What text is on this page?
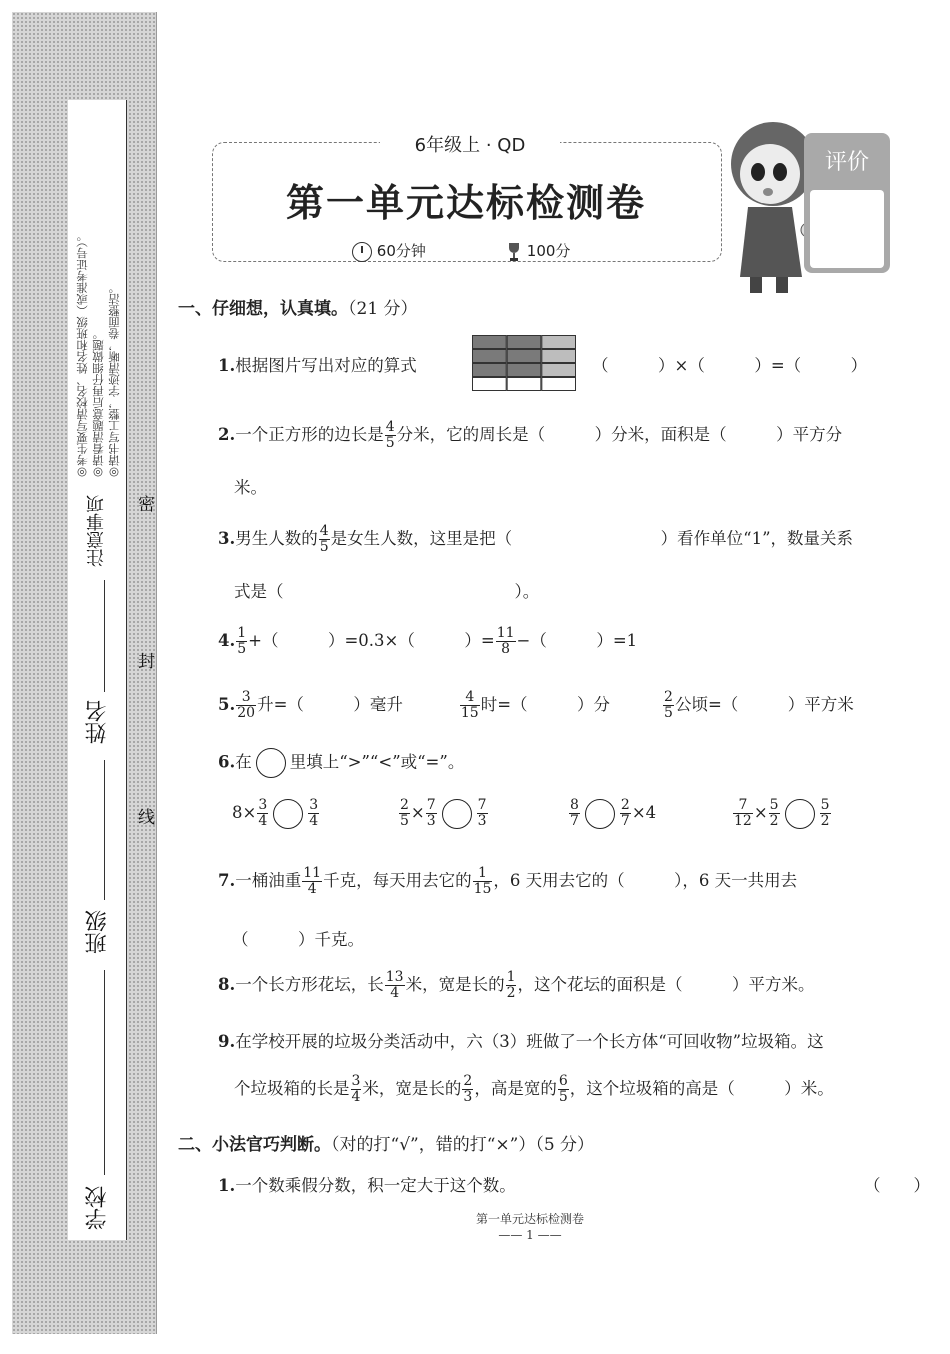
◎考生要写清校名、姓名和班级（或准考证号）。 ◎请看清题意后再仔细做题。 ◎请书写工整，字迹清晰，卷面整洁。
注意事项
姓名
班级
学校
密
封
线
6年级上 · QD
第一单元达标检测卷
60分钟	100分
评价
一、仔细想，认真填。（21 分）
1.根据图片写出对应的算式	（　　　）×（　　　）=（　　　）
2.一个正方形的边长是 $\frac{4}{5}$ 分米，它的周长是（　　　）分米，面积是（　　　）平方分
米。
3.男生人数的 $\frac{4}{5}$ 是女生人数，这里是把（　　　　　　　　　）看作单位“1”，数量关系
式是（　　　　　　　　　　　　　　）。
4. $\frac{1}{5}$ +（　　　）=0.3×（　　　）= $\frac{11}{8}$ −（　　　）=1
5. $\frac{3}{20}$ 升=（　　　）毫升	$\frac{4}{15}$ 时=（　　　）分	$\frac{2}{5}$ 公顷=（　　　）平方米
6.在 里填上“>”“<”或“=”。
$8\times \frac{3}{4}$	$\frac{3}{4}$	$\frac{2}{5} \times \frac{7}{3}$	$\frac{7}{3}$	$\frac{8}{7}$	$\frac{2}{7} \times 4$	$\frac{7}{12} \times \frac{5}{2}$	$\frac{5}{2}$
7.一桶油重 $\frac{11}{4}$ 千克，每天用去它的 $\frac{1}{15}$ ，6 天用去它的（　　　），6 天一共用去
（　　　）千克。
8.一个长方形花坛，长 $\frac{13}{4}$ 米，宽是长的 $\frac{1}{2}$ ，这个花坛的面积是（　　　）平方米。
9.在学校开展的垃圾分类活动中，六（3）班做了一个长方体“可回收物”垃圾箱。这
个垃圾箱的长是 $\frac{3}{4}$ 米，宽是长的 $\frac{2}{3}$ ，高是宽的 $\frac{6}{5}$ ，这个垃圾箱的高是（　　　）米。
二、小法官巧判断。（对的打“√”，错的打“×”）（5 分）
1.一个数乘假分数，积一定大于这个数。	（　　）
第一单元达标检测卷
—— 1 ——
